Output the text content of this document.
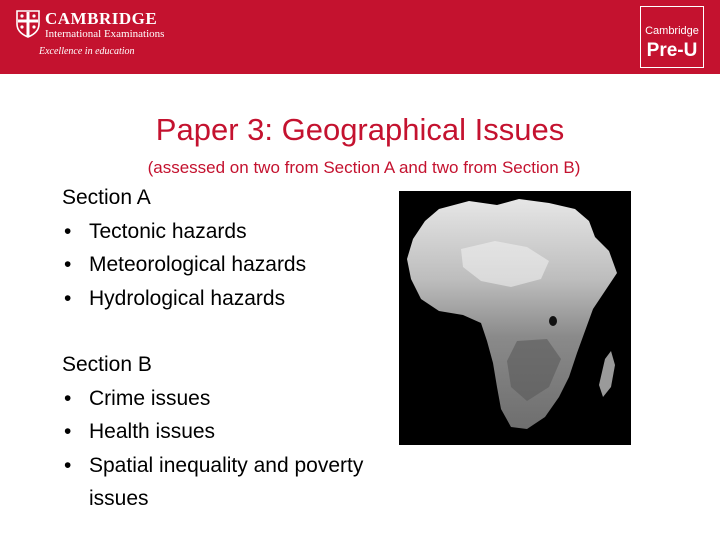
CAMBRIDGE
International Examinations
Excellence in education
Cambridge
Pre-U
Paper 3: Geographical Issues
(assessed on two from Section A and two from Section B)
Section A
• Tectonic hazards
• Meteorological hazards
• Hydrological hazards
Section B
• Crime issues
• Health issues
• Spatial inequality and poverty issues
